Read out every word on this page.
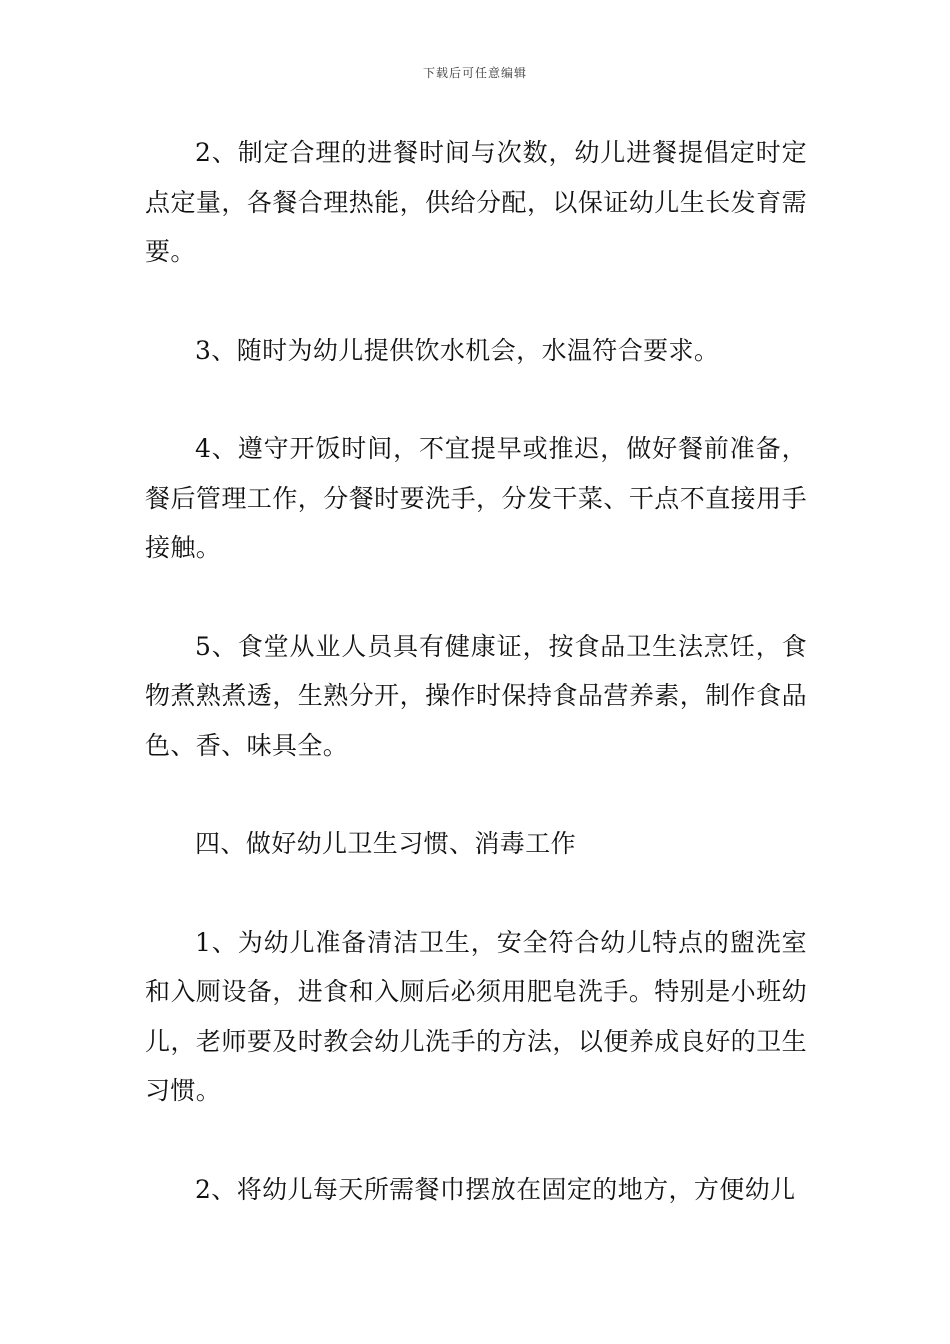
下载后可任意编辑

2、制定合理的进餐时间与次数，幼儿进餐提倡定时定点定量，各餐合理热能，供给分配，以保证幼儿生长发育需要。

3、随时为幼儿提供饮水机会，水温符合要求。

4、遵守开饭时间，不宜提早或推迟，做好餐前准备，餐后管理工作，分餐时要洗手，分发干菜、干点不直接用手接触。

5、食堂从业人员具有健康证，按食品卫生法烹饪，食物煮熟煮透，生熟分开，操作时保持食品营养素，制作食品色、香、味具全。

四、做好幼儿卫生习惯、消毒工作

1、为幼儿准备清洁卫生，安全符合幼儿特点的盥洗室和入厕设备，进食和入厕后必须用肥皂洗手。特别是小班幼儿，老师要及时教会幼儿洗手的方法，以便养成良好的卫生习惯。

2、将幼儿每天所需餐巾摆放在固定的地方，方便幼儿
